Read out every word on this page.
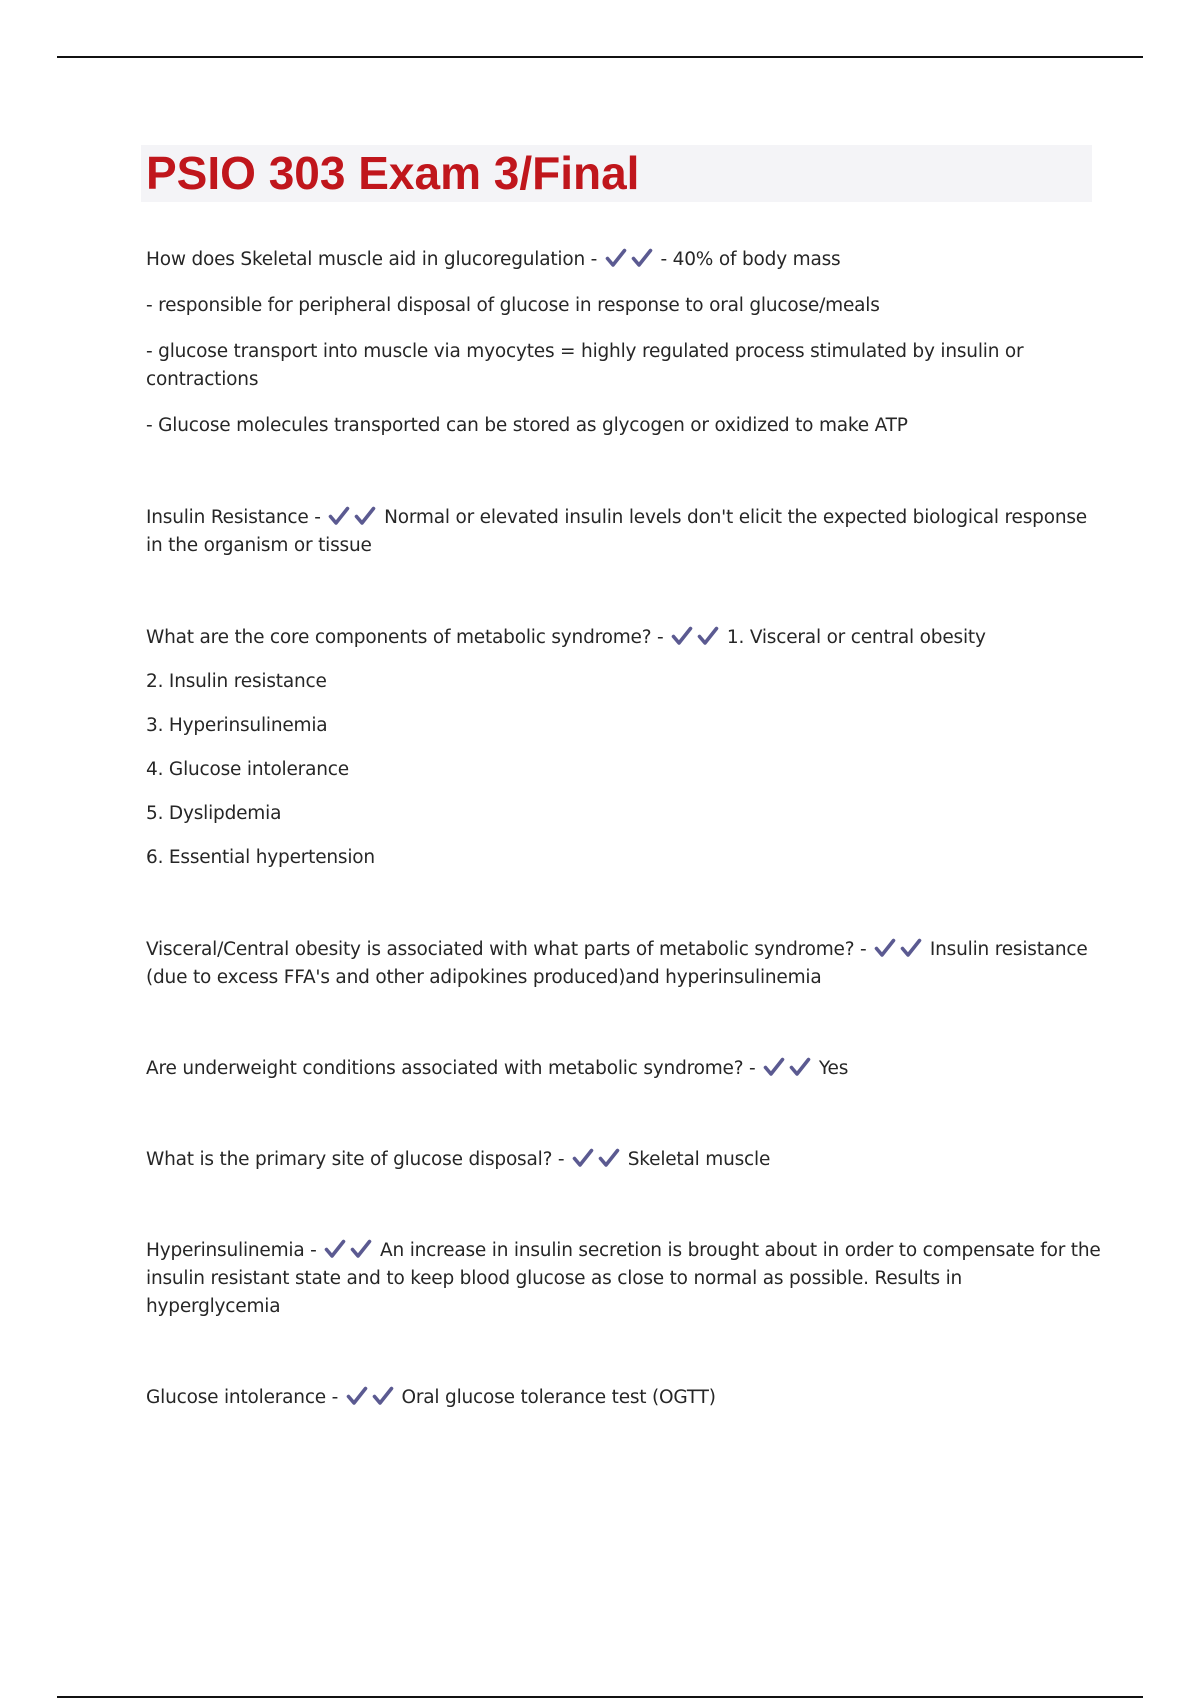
PSIO 303 Exam 3/Final

How does Skeletal muscle aid in glucoregulation -	- 40% of body mass

- responsible for peripheral disposal of glucose in response to oral glucose/meals

- glucose transport into muscle via myocytes = highly regulated process stimulated by insulin or contractions

- Glucose molecules transported can be stored as glycogen or oxidized to make ATP

Insulin Resistance -	Normal or elevated insulin levels don't elicit the expected biological response in the organism or tissue

What are the core components of metabolic syndrome? -	1. Visceral or central obesity

2. Insulin resistance

3. Hyperinsulinemia

4. Glucose intolerance

5. Dyslipdemia

6. Essential hypertension

Visceral/Central obesity is associated with what parts of metabolic syndrome? -	Insulin resistance (due to excess FFA's and other adipokines produced)and hyperinsulinemia

Are underweight conditions associated with metabolic syndrome? -	Yes

What is the primary site of glucose disposal? -	Skeletal muscle

Hyperinsulinemia -	An increase in insulin secretion is brought about in order to compensate for the insulin resistant state and to keep blood glucose as close to normal as possible. Results in hyperglycemia

Glucose intolerance -	Oral glucose tolerance test (OGTT)
